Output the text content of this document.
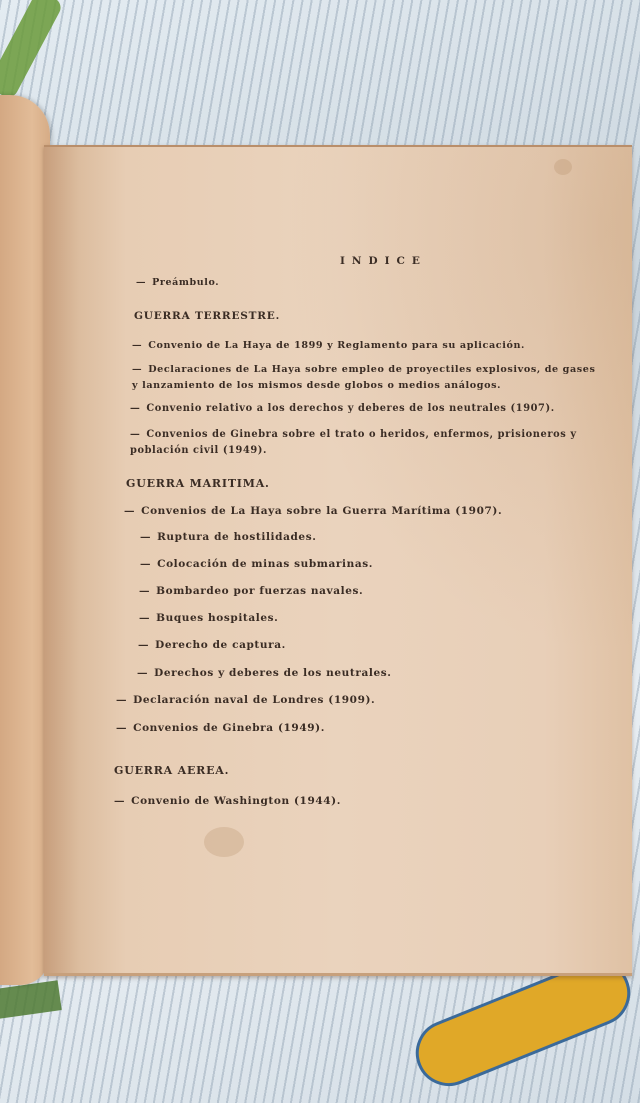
INDICE
— Preámbulo.
GUERRA TERRESTRE.
— Convenio de La Haya de 1899 y Reglamento para su aplicación.
— Declaraciones de La Haya sobre empleo de proyectiles explosivos, de gases y lanzamiento de los mismos desde globos o medios análogos.
— Convenio relativo a los derechos y deberes de los neutrales (1907).
— Convenios de Ginebra sobre el trato o heridos, enfermos, prisioneros y población civil (1949).
GUERRA MARITIMA.
— Convenios de La Haya sobre la Guerra Marítima (1907).
— Ruptura de hostilidades.
— Colocación de minas submarinas.
— Bombardeo por fuerzas navales.
— Buques hospitales.
— Derecho de captura.
— Derechos y deberes de los neutrales.
— Declaración naval de Londres (1909).
— Convenios de Ginebra (1949).
GUERRA AEREA.
— Convenio de Washington (1944).
